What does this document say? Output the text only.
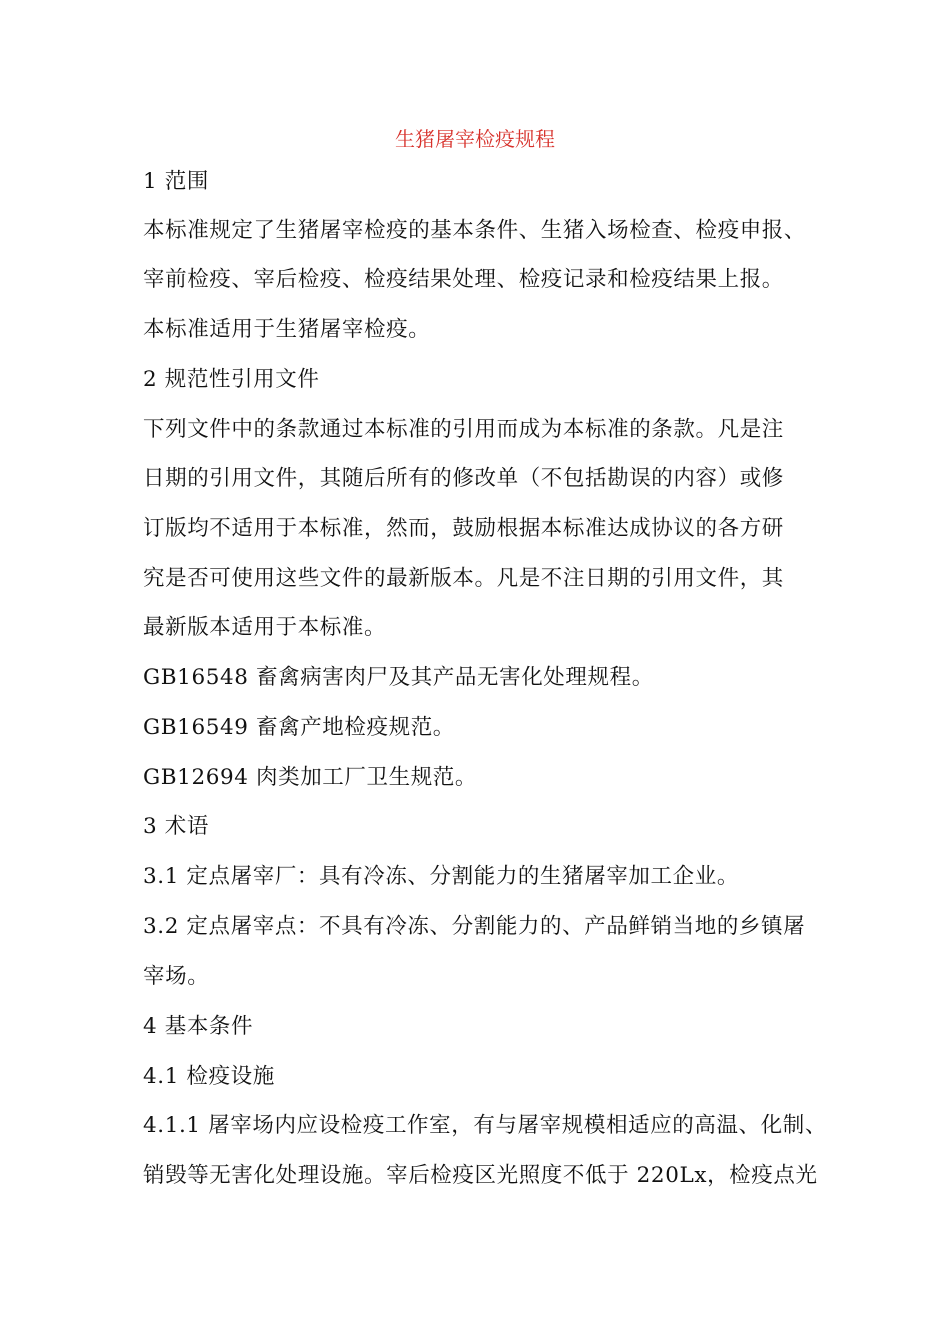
生猪屠宰检疫规程
1 范围
本标准规定了生猪屠宰检疫的基本条件、生猪入场检查、检疫申报、
宰前检疫、宰后检疫、检疫结果处理、检疫记录和检疫结果上报。
本标准适用于生猪屠宰检疫。
2 规范性引用文件
下列文件中的条款通过本标准的引用而成为本标准的条款。凡是注
日期的引用文件，其随后所有的修改单（不包括勘误的内容）或修
订版均不适用于本标准，然而，鼓励根据本标准达成协议的各方研
究是否可使用这些文件的最新版本。凡是不注日期的引用文件，其
最新版本适用于本标准。
GB16548 畜禽病害肉尸及其产品无害化处理规程。
GB16549 畜禽产地检疫规范。
GB12694 肉类加工厂卫生规范。
3 术语
3.1 定点屠宰厂：具有冷冻、分割能力的生猪屠宰加工企业。
3.2 定点屠宰点：不具有冷冻、分割能力的、产品鲜销当地的乡镇屠
宰场。
4 基本条件
4.1 检疫设施
4.1.1 屠宰场内应设检疫工作室，有与屠宰规模相适应的高温、化制、
销毁等无害化处理设施。宰后检疫区光照度不低于 220Lx，检疫点光
